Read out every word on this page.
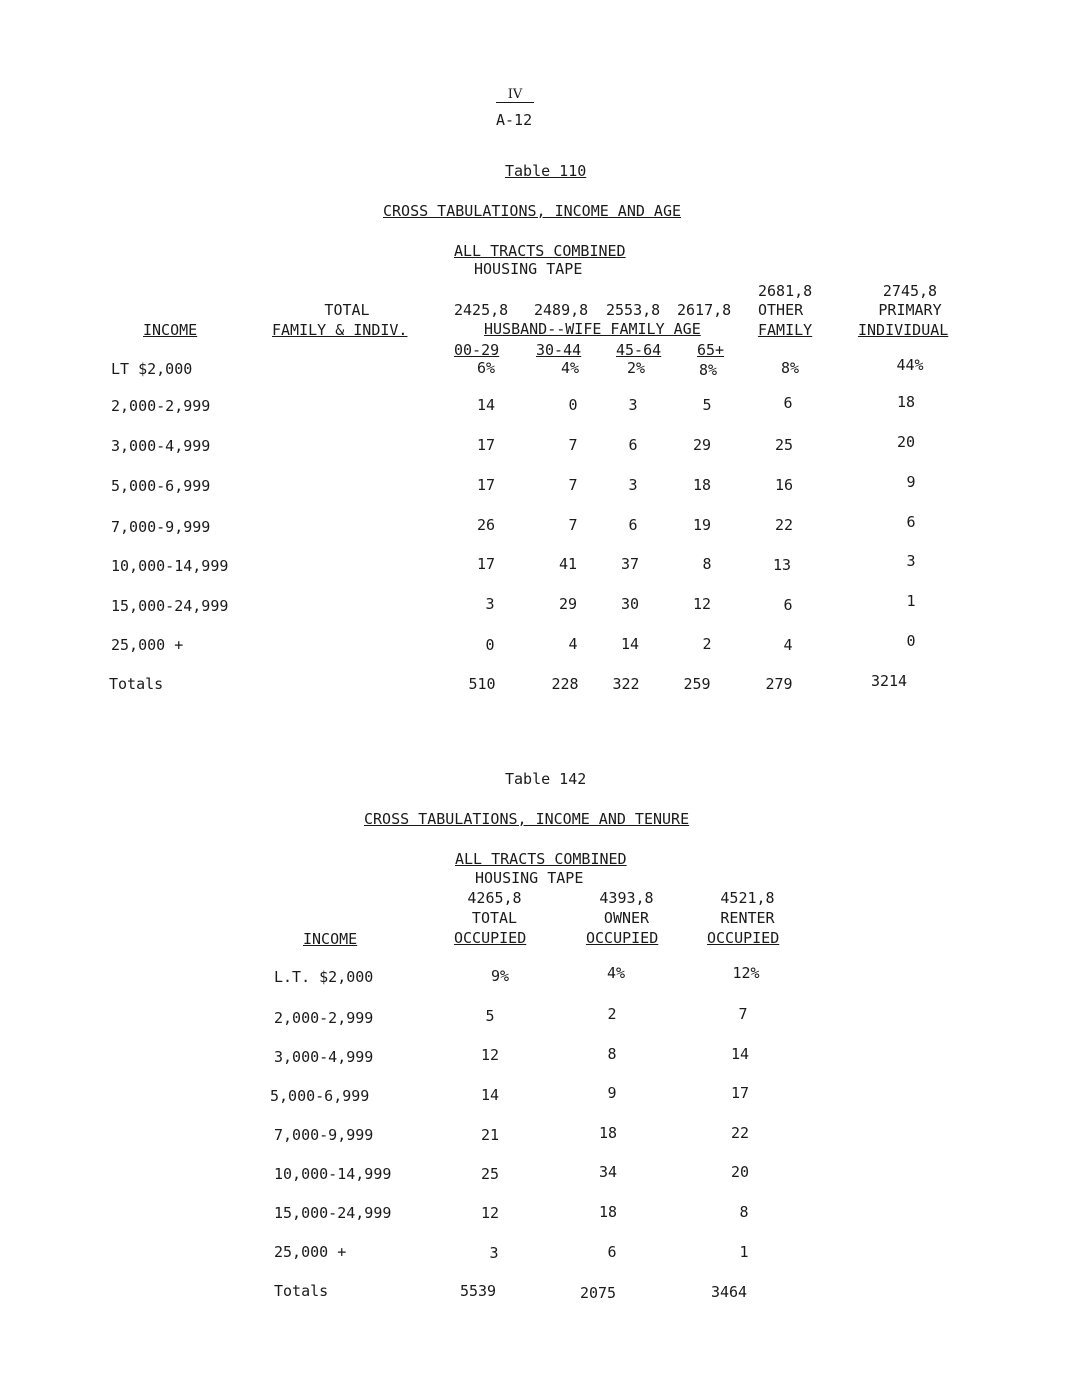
IV
A-12
Table 110
CROSS TABULATIONS, INCOME AND AGE
ALL TRACTS COMBINED
HOUSING TAPE
INCOME
TOTAL
FAMILY & INDIV.
2425,8 2489,8 2553,8 2617,8
HUSBAND--WIFE FAMILY AGE
00-29 30-44 45-64 65+
2681,8
OTHER
FAMILY
2745,8
PRIMARY
INDIVIDUAL
LT $2,000	6%	4%	2%	8%	8%	44%
2,000-2,999	14	0	3	5	6	18
3,000-4,999	17	7	6	29	25	20
5,000-6,999	17	7	3	18	16	9
7,000-9,999	26	7	6	19	22	6
10,000-14,999	17	41	37	8	13	3
15,000-24,999	3	29	30	12	6	1
25,000 +	0	4	14	2	4	0
Totals	510	228	322	259	279	3214
Table 142
CROSS TABULATIONS, INCOME AND TENURE
ALL TRACTS COMBINED
HOUSING TAPE
INCOME
4265,8
TOTAL
OCCUPIED
4393,8
OWNER
OCCUPIED
4521,8
RENTER
OCCUPIED
L.T. $2,000	9%	4%	12%
2,000-2,999	5	2	7
3,000-4,999	12	8	14
5,000-6,999	14	9	17
7,000-9,999	21	18	22
10,000-14,999	25	34	20
15,000-24,999	12	18	8
25,000 +	3	6	1
Totals	5539	2075	3464
